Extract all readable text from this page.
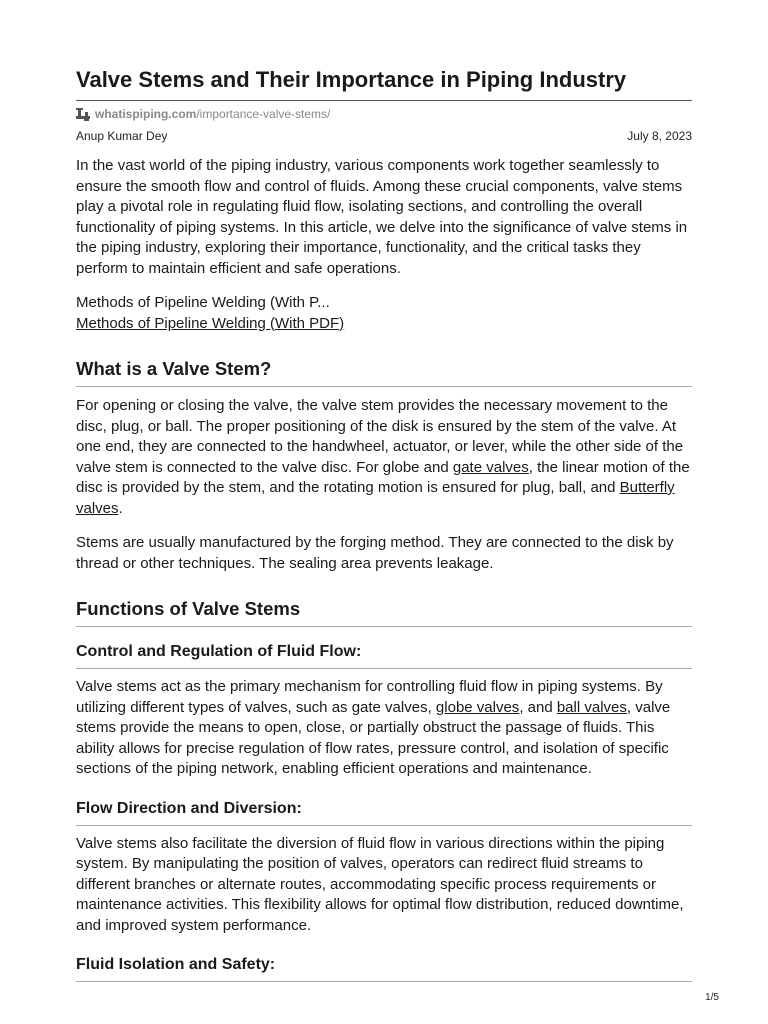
Valve Stems and Their Importance in Piping Industry
whatispiping.com/importance-valve-stems/
Anup Kumar Dey	July 8, 2023

In the vast world of the piping industry, various components work together seamlessly to ensure the smooth flow and control of fluids. Among these crucial components, valve stems play a pivotal role in regulating fluid flow, isolating sections, and controlling the overall functionality of piping systems. In this article, we delve into the significance of valve stems in the piping industry, exploring their importance, functionality, and the critical tasks they perform to maintain efficient and safe operations.

Methods of Pipeline Welding (With P...

Methods of Pipeline Welding (With PDF)

What is a Valve Stem?

For opening or closing the valve, the valve stem provides the necessary movement to the disc, plug, or ball. The proper positioning of the disk is ensured by the stem of the valve. At one end, they are connected to the handwheel, actuator, or lever, while the other side of the valve stem is connected to the valve disc. For globe and gate valves, the linear motion of the disc is provided by the stem, and the rotating motion is ensured for plug, ball, and Butterfly valves.

Stems are usually manufactured by the forging method. They are connected to the disk by thread or other techniques. The sealing area prevents leakage.

Functions of Valve Stems
Control and Regulation of Fluid Flow:

Valve stems act as the primary mechanism for controlling fluid flow in piping systems. By utilizing different types of valves, such as gate valves, globe valves, and ball valves, valve stems provide the means to open, close, or partially obstruct the passage of fluids. This ability allows for precise regulation of flow rates, pressure control, and isolation of specific sections of the piping network, enabling efficient operations and maintenance.

Flow Direction and Diversion:

Valve stems also facilitate the diversion of fluid flow in various directions within the piping system. By manipulating the position of valves, operators can redirect fluid streams to different branches or alternate routes, accommodating specific process requirements or maintenance activities. This flexibility allows for optimal flow distribution, reduced downtime, and improved system performance.

Fluid Isolation and Safety:
1/5
